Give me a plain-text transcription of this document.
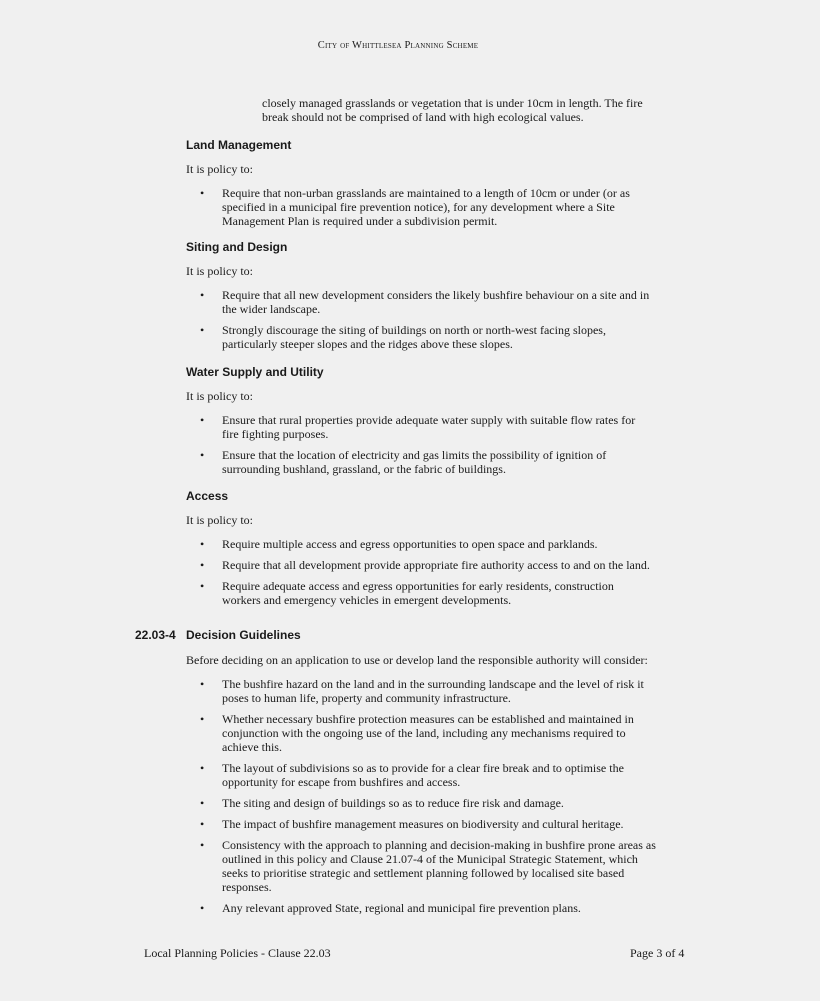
City of Whittlesea Planning Scheme
closely managed grasslands or vegetation that is under 10cm in length. The fire break should not be comprised of land with high ecological values.
Land Management
It is policy to:
• Require that non-urban grasslands are maintained to a length of 10cm or under (or as specified in a municipal fire prevention notice), for any development where a Site Management Plan is required under a subdivision permit.
Siting and Design
It is policy to:
• Require that all new development considers the likely bushfire behaviour on a site and in the wider landscape.
• Strongly discourage the siting of buildings on north or north-west facing slopes, particularly steeper slopes and the ridges above these slopes.
Water Supply and Utility
It is policy to:
• Ensure that rural properties provide adequate water supply with suitable flow rates for fire fighting purposes.
• Ensure that the location of electricity and gas limits the possibility of ignition of surrounding bushland, grassland, or the fabric of buildings.
Access
It is policy to:
• Require multiple access and egress opportunities to open space and parklands.
• Require that all development provide appropriate fire authority access to and on the land.
• Require adequate access and egress opportunities for early residents, construction workers and emergency vehicles in emergent developments.
22.03-4 Decision Guidelines
Before deciding on an application to use or develop land the responsible authority will consider:
• The bushfire hazard on the land and in the surrounding landscape and the level of risk it poses to human life, property and community infrastructure.
• Whether necessary bushfire protection measures can be established and maintained in conjunction with the ongoing use of the land, including any mechanisms required to achieve this.
• The layout of subdivisions so as to provide for a clear fire break and to optimise the opportunity for escape from bushfires and access.
• The siting and design of buildings so as to reduce fire risk and damage.
• The impact of bushfire management measures on biodiversity and cultural heritage.
• Consistency with the approach to planning and decision-making in bushfire prone areas as outlined in this policy and Clause 21.07-4 of the Municipal Strategic Statement, which seeks to prioritise strategic and settlement planning followed by localised site based responses.
• Any relevant approved State, regional and municipal fire prevention plans.
Local Planning Policies - Clause 22.03	Page 3 of 4
